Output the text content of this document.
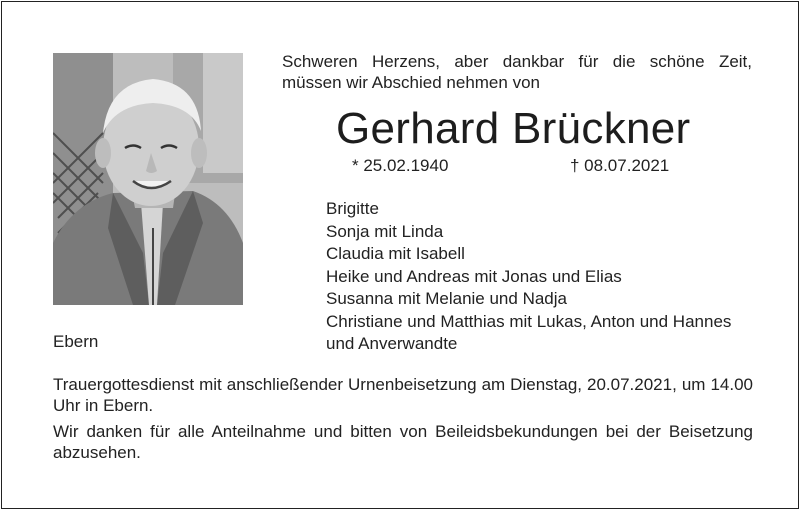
Schweren Herzens, aber dankbar für die schöne Zeit,
müssen wir Abschied nehmen von
Gerhard Brückner
* 25.02.1940	† 08.07.2021
Brigitte
Sonja mit Linda
Claudia mit Isabell
Heike und Andreas mit Jonas und Elias
Susanna mit Melanie und Nadja
Christiane und Matthias mit Lukas, Anton und Hannes
und Anverwandte
Ebern
Trauergottesdienst mit anschließender Urnenbeisetzung am Dienstag, 20.07.2021, um 14.00 Uhr in Ebern.
Wir danken für alle Anteilnahme und bitten von Beileidsbekundungen bei der Beisetzung abzusehen.
